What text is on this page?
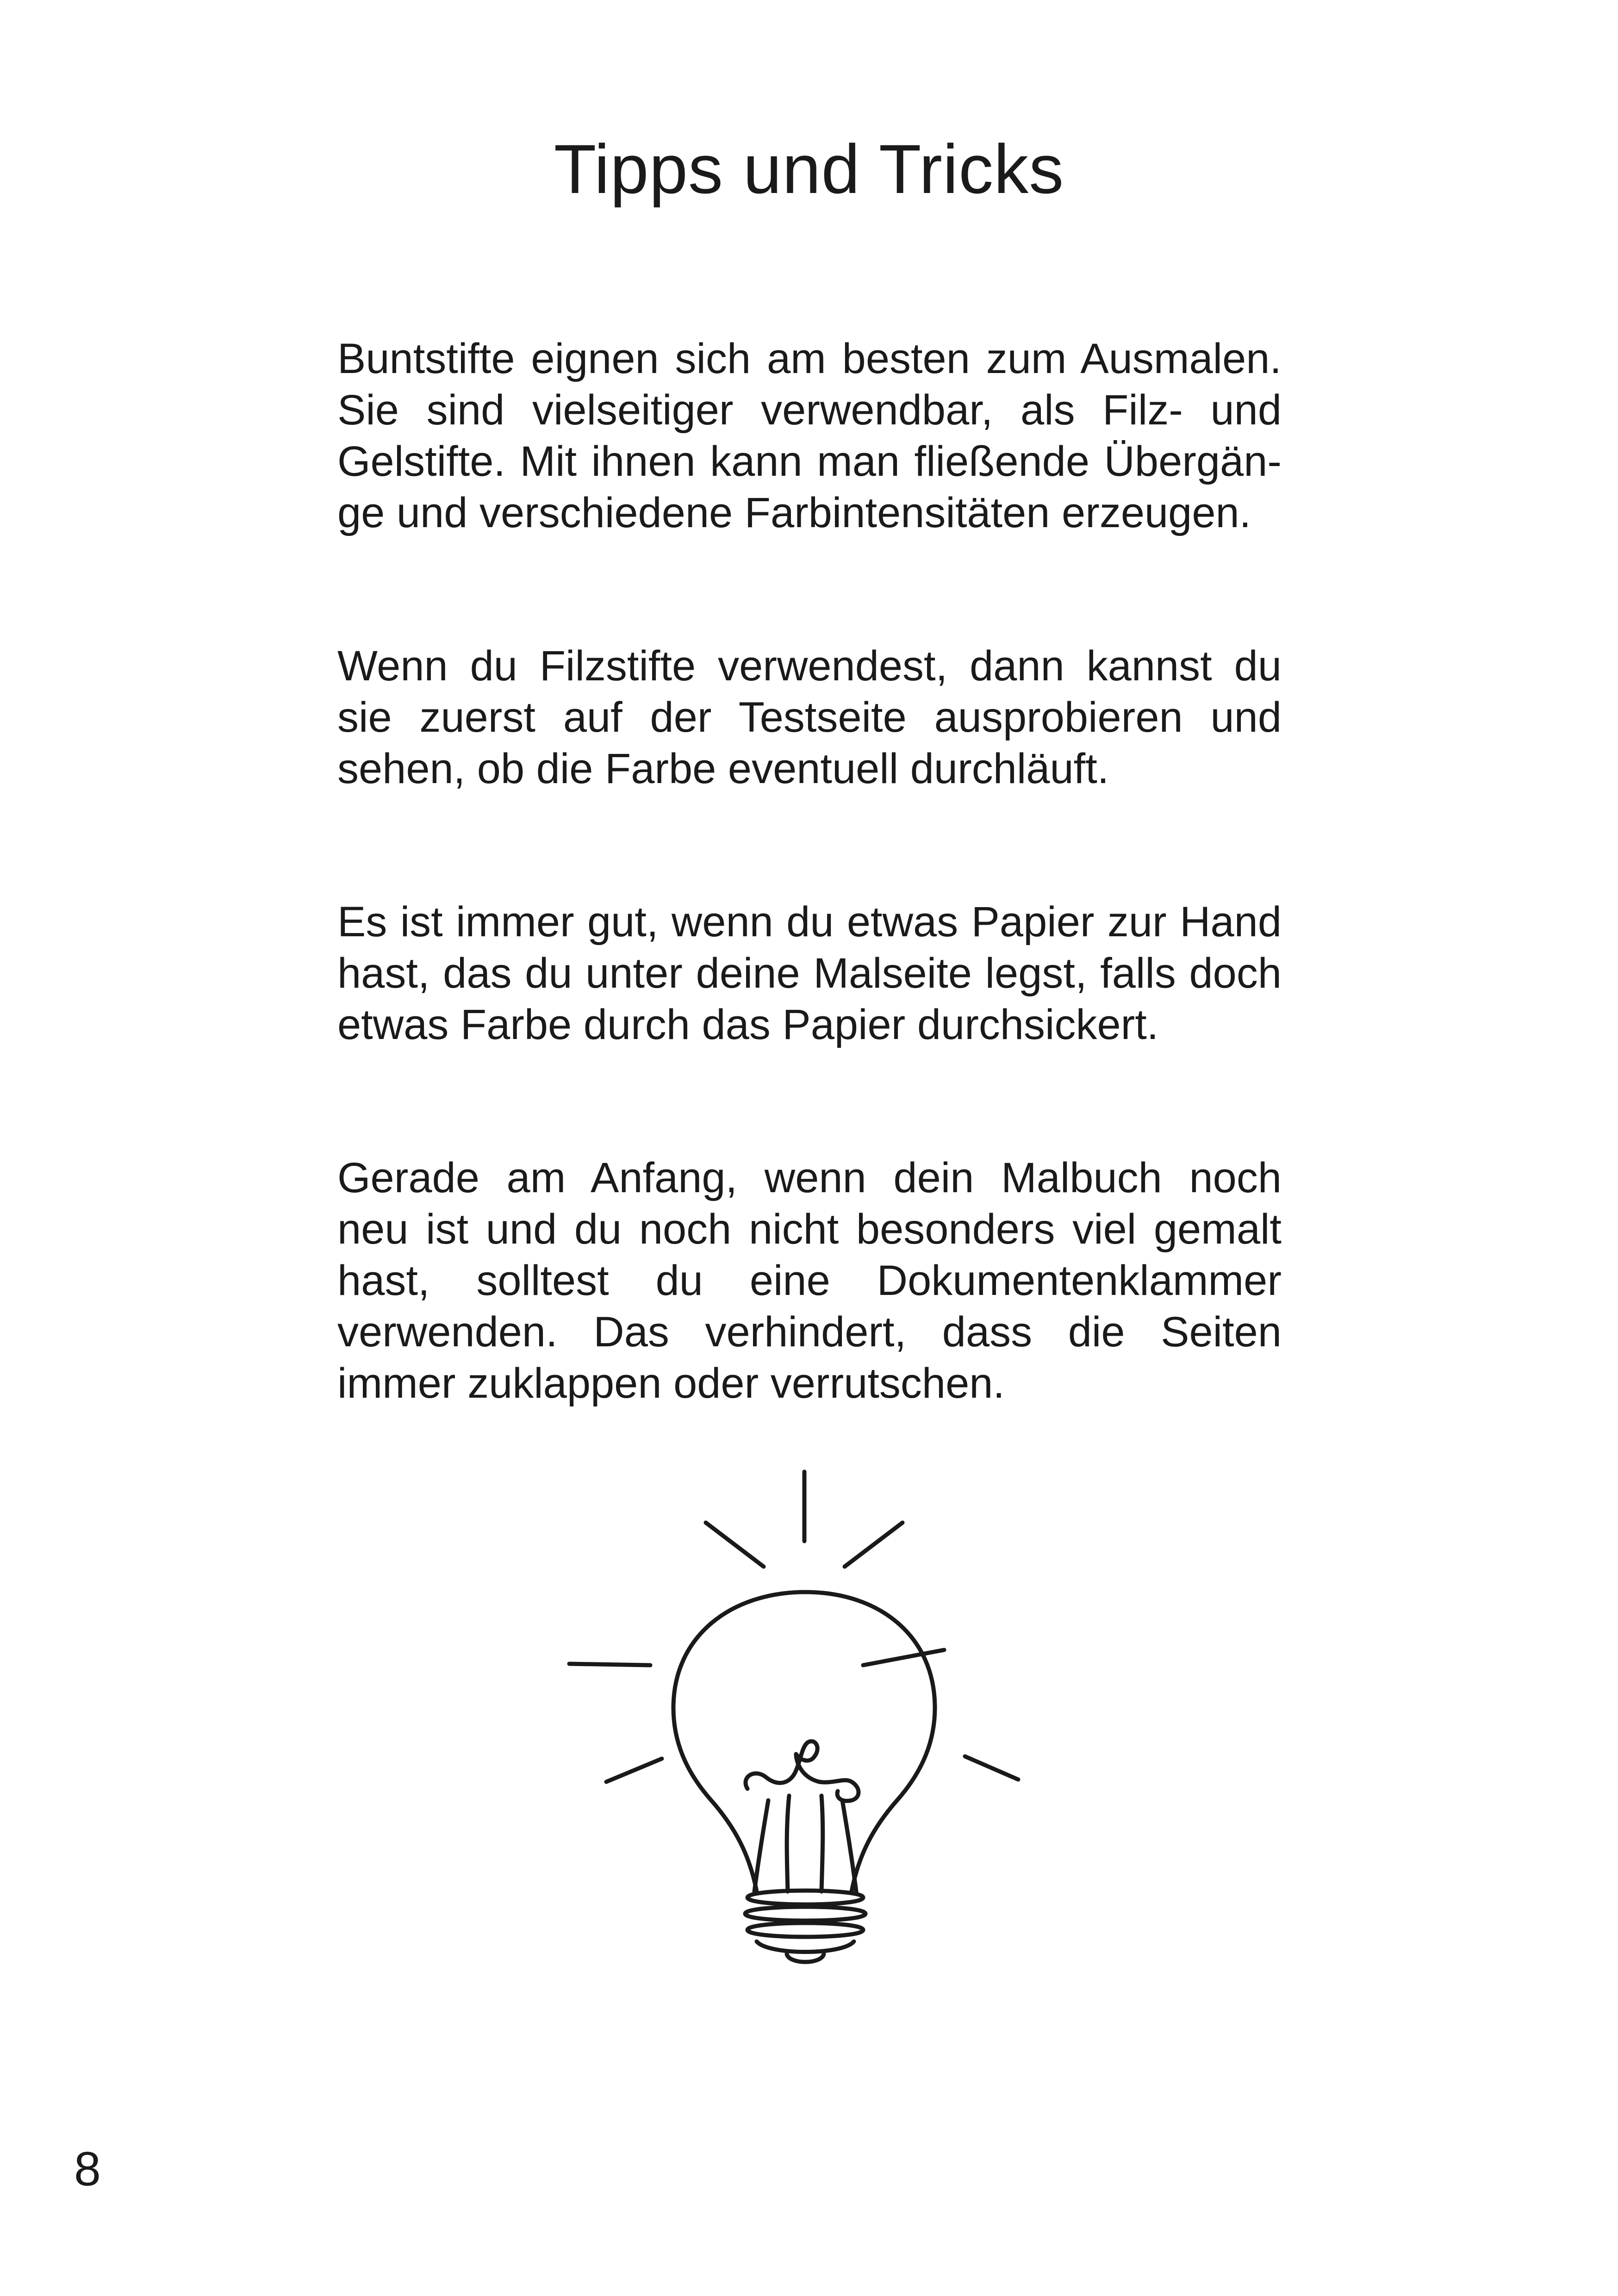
Tipps und Tricks

Buntstifte eignen sich am besten zum Ausmalen.
Sie sind vielseitiger verwendbar, als Filz- und
Gelstifte. Mit ihnen kann man fließende Übergän-
ge und verschiedene Farbintensitäten erzeugen.

Wenn du Filzstifte verwendest, dann kannst du
sie zuerst auf der Testseite ausprobieren und
sehen, ob die Farbe eventuell durchläuft.

Es ist immer gut, wenn du etwas Papier zur Hand
hast, das du unter deine Malseite legst, falls doch
etwas Farbe durch das Papier durchsickert.

Gerade am Anfang, wenn dein Malbuch noch
neu ist und du noch nicht besonders viel gemalt
hast, solltest du eine Dokumentenklammer
verwenden. Das verhindert, dass die Seiten
immer zuklappen oder verrutschen.

8
